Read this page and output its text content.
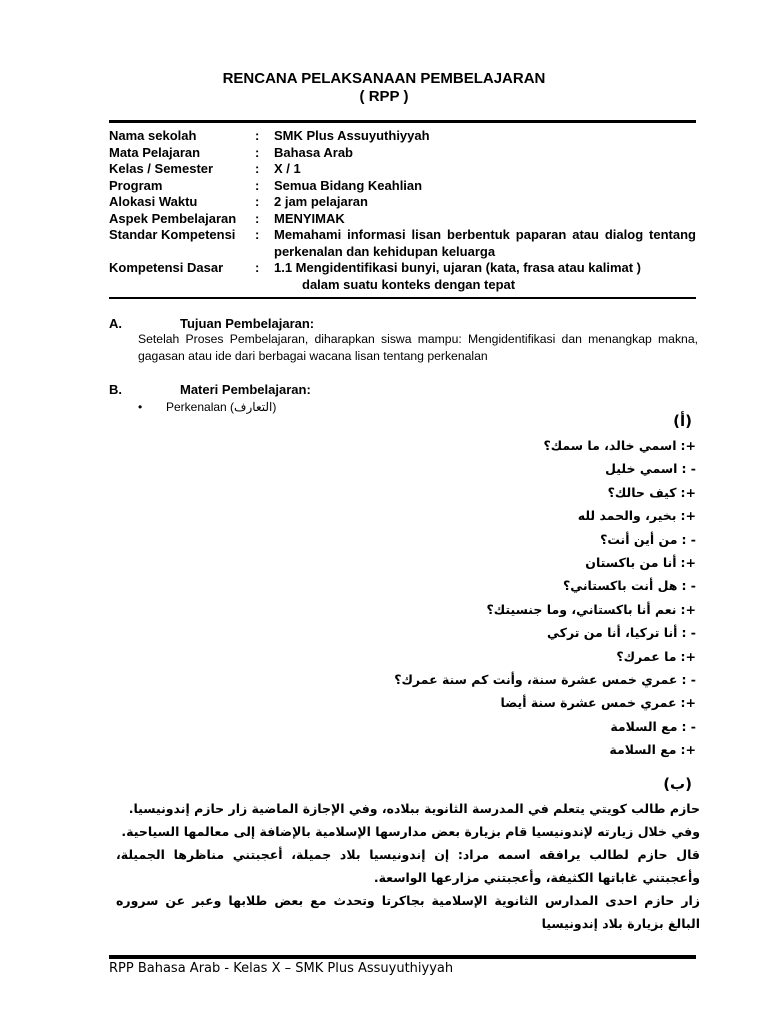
RENCANA PELAKSANAAN PEMBELAJARAN
( RPP )
Nama sekolah	:	SMK Plus Assuyuthiyyah
Mata Pelajaran	:	Bahasa Arab
Kelas / Semester	:	X / 1
Program	:	Semua Bidang Keahlian
Alokasi Waktu	:	2 jam pelajaran
Aspek Pembelajaran	:	MENYIMAK
Standar Kompetensi	:	Memahami informasi lisan berbentuk paparan atau dialog tentang perkenalan dan kehidupan keluarga
Kompetensi Dasar	:	1.1 Mengidentifikasi bunyi, ujaran (kata, frasa atau kalimat )
dalam suatu konteks dengan tepat
A.	Tujuan Pembelajaran:
Setelah Proses Pembelajaran, diharapkan siswa mampu: Mengidentifikasi dan menangkap makna, gagasan atau ide dari berbagai wacana lisan tentang perkenalan
B.	Materi Pembelajaran:
• Perkenalan (التعارف)
(أ)
+:اسمي خالد، ما سمك؟
- :اسمي خليل
+:كيف حالك؟
+:بخير، والحمد لله
- :من أين أنت؟
+:أنا من باكستان
- :هل أنت باكستاني؟
+:نعم أنا باكستاني، وما جنسيتك؟
- :أنا تركيا، أنا من تركي
+:ما عمرك؟
- :عمري خمس عشرة سنة، وأنت كم سنة عمرك؟
+:عمري خمس عشرة سنة أيضا
- :مع السلامة
+:مع السلامة
(ب)

حازم طالب كويتي يتعلم في المدرسة الثانوية ببلاده، وفي الإجازة الماضية زار حازم إندونيسيا.

وفي خلال زيارته لإندونيسيا قام بزيارة بعض مدارسها الإسلامية بالإضافة إلى معالمها السياحية.

قال حازم لطالب يرافقه اسمه مراد: إن إندونيسيا بلاد جميلة، أعجبتني مناظرها الجميلة، وأعجبتني غاباتها الكثيفة، وأعجبتني مزارعها الواسعة.

زار حازم احدى المدارس الثانوية الإسلامية بجاكرتا وتحدث مع بعض طلابها وعبر عن سروره البالغ بزيارة بلاد إندونيسيا

RPP Bahasa Arab - Kelas X – SMK Plus Assuyuthiyyah
